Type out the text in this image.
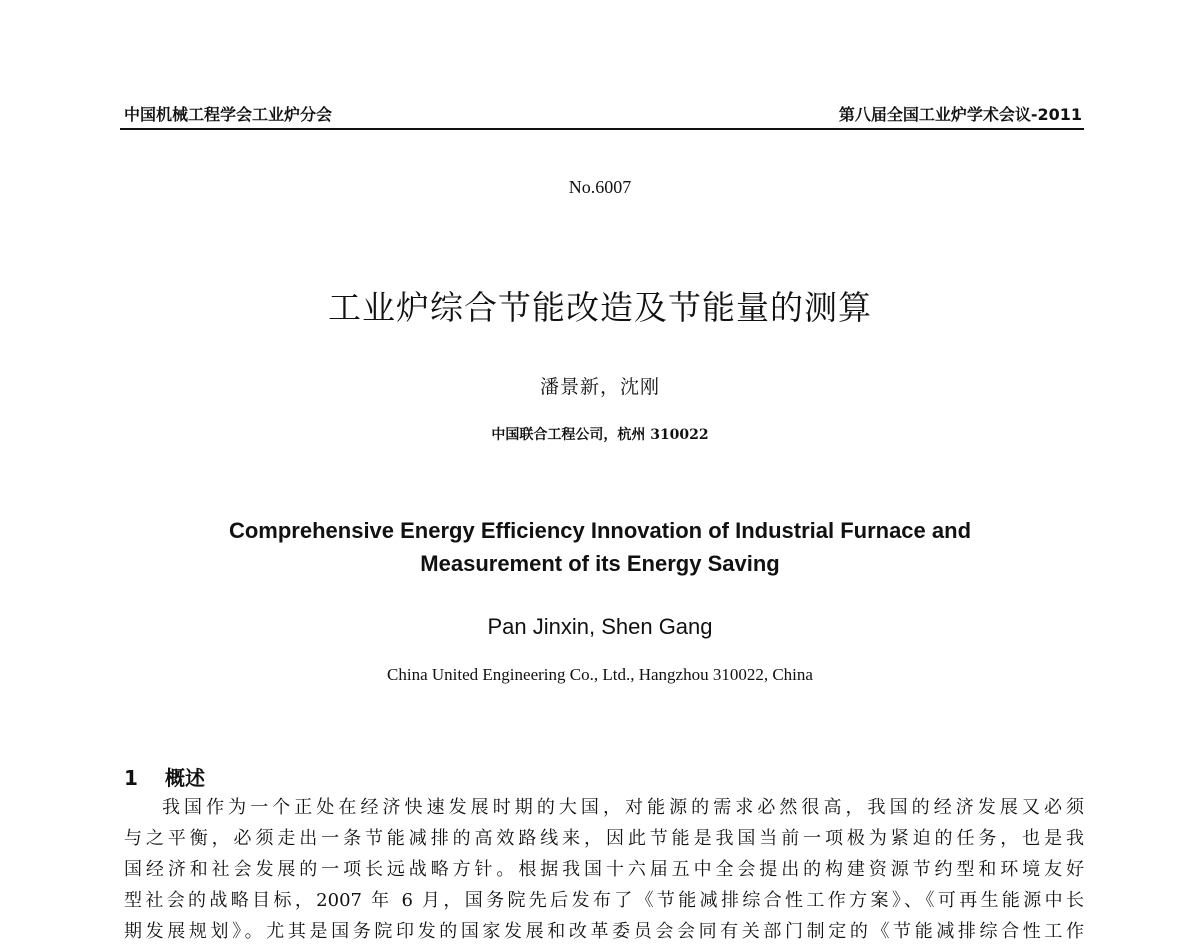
中国机械工程学会工业炉分会	第八届全国工业炉学术会议-2011
No.6007
工业炉综合节能改造及节能量的测算
潘景新，沈刚
中国联合工程公司，杭州 310022
Comprehensive Energy Efficiency Innovation of Industrial Furnace and
Measurement of its Energy Saving
Pan Jinxin, Shen Gang
China United Engineering Co., Ltd., Hangzhou 310022, China
1 概述
我国作为一个正处在经济快速发展时期的大国，对能源的需求必然很高，我国的经济发展又必须
与之平衡，必须走出一条节能减排的高效路线来，因此节能是我国当前一项极为紧迫的任务，也是我
国经济和社会发展的一项长远战略方针。根据我国十六届五中全会提出的构建资源节约型和环境友好
型社会的战略目标，2007 年 6 月，国务院先后发布了《节能减排综合性工作方案》、《可再生能源中长
期发展规划》。尤其是国务院印发的国家发展和改革委员会会同有关部门制定的《节能减排综合性工作
